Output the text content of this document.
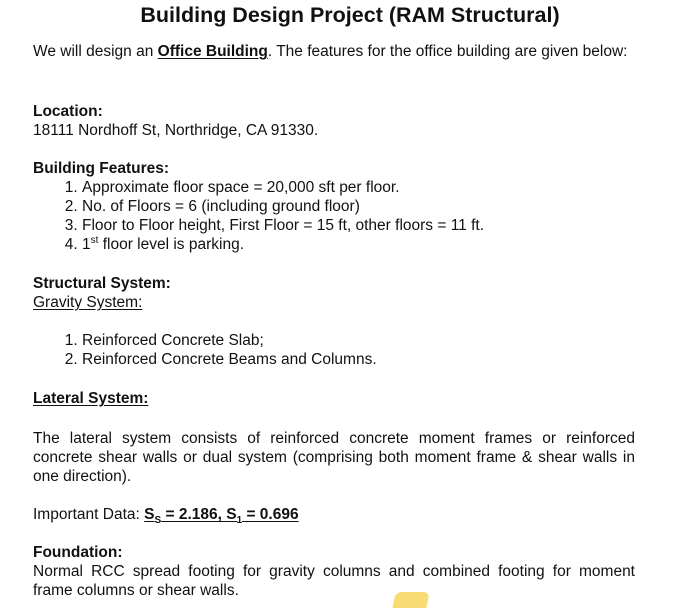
Building Design Project (RAM Structural)
We will design an Office Building. The features for the office building are given below:
Location:
18111 Nordhoff St, Northridge, CA 91330.
Building Features:
1. Approximate floor space = 20,000 sft per floor.
2. No. of Floors = 6 (including ground floor)
3. Floor to Floor height, First Floor = 15 ft, other floors = 11 ft.
4. 1st floor level is parking.
Structural System:
Gravity System:
1. Reinforced Concrete Slab;
2. Reinforced Concrete Beams and Columns.
Lateral System:
The lateral system consists of reinforced concrete moment frames or reinforced concrete shear walls or dual system (comprising both moment frame & shear walls in one direction).
Important Data: $S_S = 2.186$, $S_1 = 0.696$
Foundation:
Normal RCC spread footing for gravity columns and combined footing for moment frame columns or shear walls.
